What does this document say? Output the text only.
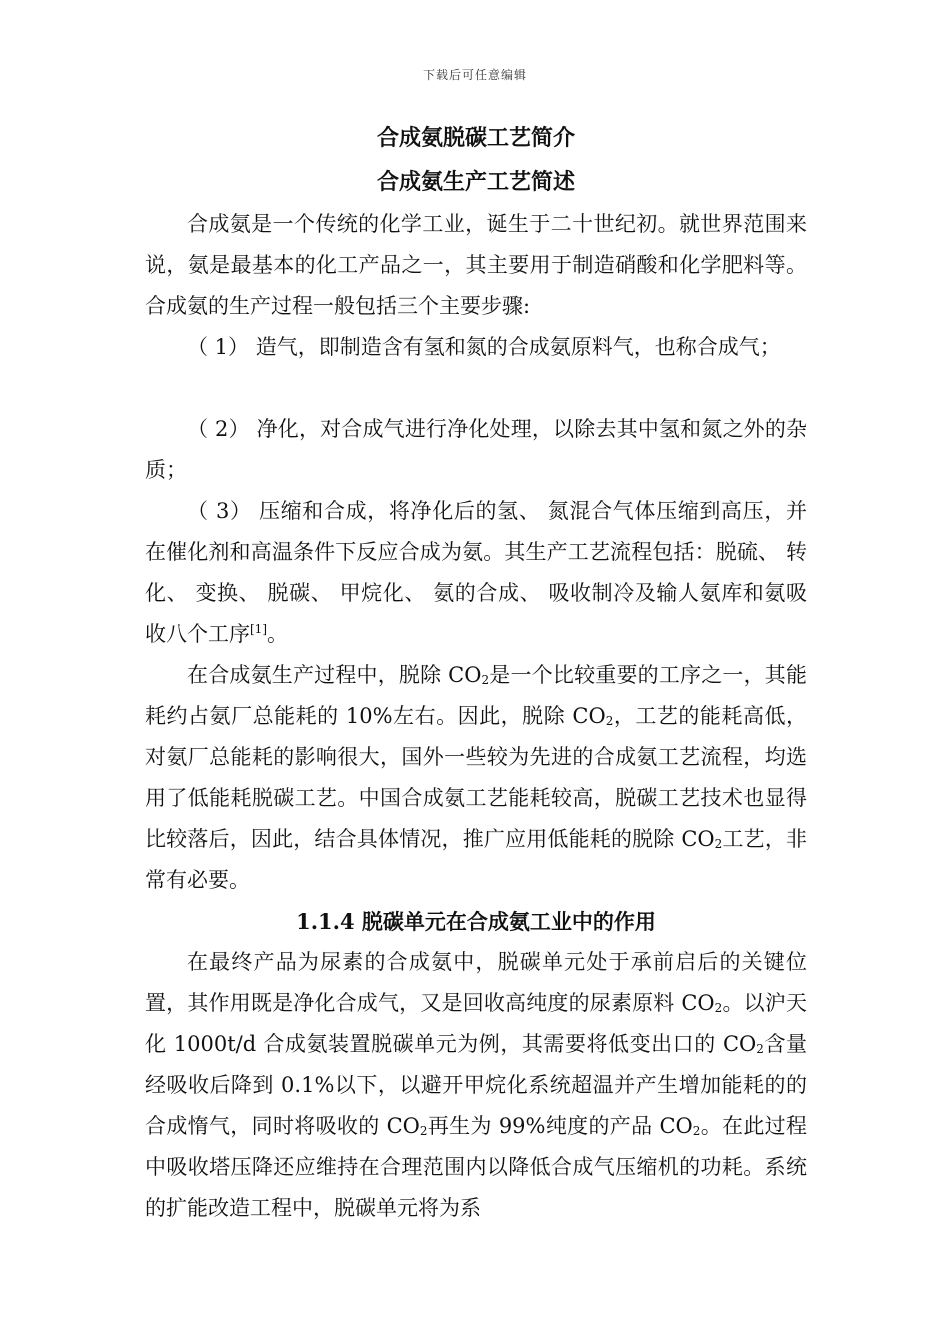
下载后可任意编辑
合成氨脱碳工艺简介
合成氨生产工艺简述

合成氨是一个传统的化学工业，诞生于二十世纪初。就世界范围来说，氨是最基本的化工产品之一，其主要用于制造硝酸和化学肥料等。合成氨的生产过程一般包括三个主要步骤:

（ 1） 造气，即制造含有氢和氮的合成氨原料气，也称合成气；

（ 2） 净化，对合成气进行净化处理，以除去其中氢和氮之外的杂质；

（ 3） 压缩和合成，将净化后的氢、 氮混合气体压缩到高压，并在催化剂和高温条件下反应合成为氨。其生产工艺流程包括：脱硫、 转化、 变换、 脱碳、 甲烷化、 氨的合成、 吸收制冷及输人氨库和氨吸收八个工序[1]。

在合成氨生产过程中，脱除 $CO_2$是一个比较重要的工序之一，其能耗约占氨厂总能耗的 10%左右。因此，脱除 $CO_2$，工艺的能耗高低，对氨厂总能耗的影响很大，国外一些较为先进的合成氨工艺流程，均选用了低能耗脱碳工艺。中国合成氨工艺能耗较高，脱碳工艺技术也显得比较落后，因此，结合具体情况，推广应用低能耗的脱除 $CO_2$工艺，非常有必要。

1.1.4 脱碳单元在合成氨工业中的作用

在最终产品为尿素的合成氨中，脱碳单元处于承前启后的关键位置，其作用既是净化合成气，又是回收高纯度的尿素原料 $CO_2$。以沪天化 1000t/d 合成氨装置脱碳单元为例，其需要将低变出口的 $CO_2$含量经吸收后降到 0.1%以下，以避开甲烷化系统超温并产生增加能耗的的合成惰气，同时将吸收的 $CO_2$再生为 99%纯度的产品 $CO_2$。在此过程中吸收塔压降还应维持在合理范围内以降低合成气压缩机的功耗。系统的扩能改造工程中，脱碳单元将为系
